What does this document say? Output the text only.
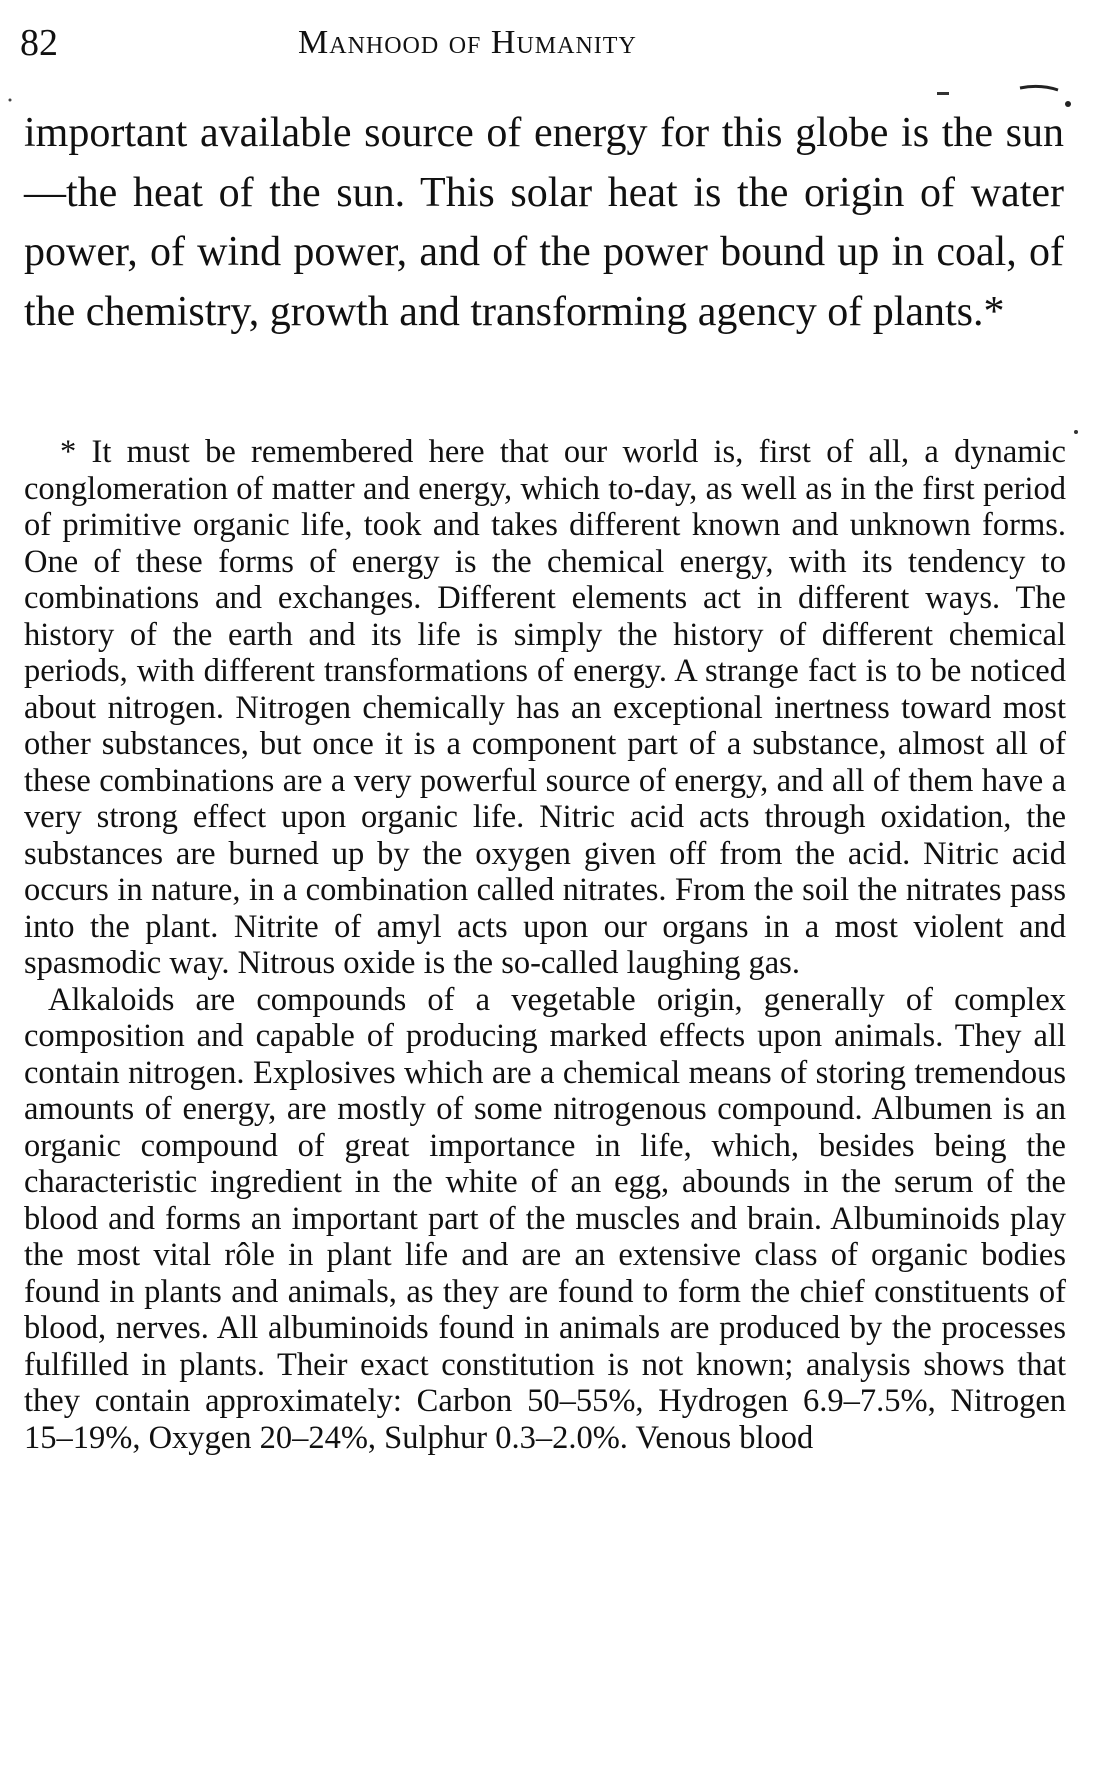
82	Manhood of Humanity

important available source of energy for this globe is the sun—the heat of the sun. This solar heat is the origin of water power, of wind power, and of the power bound up in coal, of the chemistry, growth and transforming agency of plants.*

* It must be remembered here that our world is, first of all, a dynamic conglomeration of matter and energy, which to-day, as well as in the first period of primitive organic life, took and takes different known and unknown forms. One of these forms of energy is the chemical energy, with its tendency to combinations and exchanges. Different elements act in different ways. The history of the earth and its life is simply the history of different chemical periods, with different transformations of energy. A strange fact is to be noticed about nitrogen. Nitrogen chemically has an exceptional inertness toward most other substances, but once it is a component part of a substance, almost all of these combinations are a very powerful source of energy, and all of them have a very strong effect upon organic life. Nitric acid acts through oxidation, the substances are burned up by the oxygen given off from the acid. Nitric acid occurs in nature, in a combination called nitrates. From the soil the nitrates pass into the plant. Nitrite of amyl acts upon our organs in a most violent and spasmodic way. Nitrous oxide is the so-called laughing gas.

Alkaloids are compounds of a vegetable origin, generally of complex composition and capable of producing marked effects upon animals. They all contain nitrogen. Explosives which are a chemical means of storing tremendous amounts of energy, are mostly of some nitrogenous compound. Albumen is an organic compound of great importance in life, which, besides being the characteristic ingredient in the white of an egg, abounds in the serum of the blood and forms an important part of the muscles and brain. Albuminoids play the most vital rôle in plant life and are an extensive class of organic bodies found in plants and animals, as they are found to form the chief constituents of blood, nerves. All albuminoids found in animals are produced by the processes fulfilled in plants. Their exact constitution is not known; analysis shows that they contain approximately: Carbon 50–55%, Hydrogen 6.9–7.5%, Nitrogen 15–19%, Oxygen 20–24%, Sulphur 0.3–2.0%. Venous blood
